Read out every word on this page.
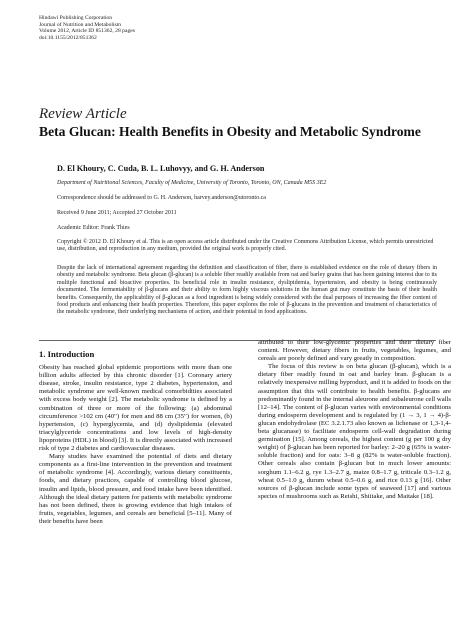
Hindawi Publishing Corporation
Journal of Nutrition and Metabolism
Volume 2012, Article ID 851362, 28 pages
doi:10.1155/2012/851362
Review Article
Beta Glucan: Health Benefits in Obesity and Metabolic Syndrome
D. El Khoury, C. Cuda, B. L. Luhovyy, and G. H. Anderson
Department of Nutritional Sciences, Faculty of Medicine, University of Toronto, Toronto, ON, Canada M5S 3E2
Correspondence should be addressed to G. H. Anderson, harvey.anderson@utoronto.ca
Received 9 June 2011; Accepted 27 October 2011
Academic Editor: Frank Thies
Copyright © 2012 D. El Khoury et al. This is an open access article distributed under the Creative Commons Attribution License, which permits unrestricted use, distribution, and reproduction in any medium, provided the original work is properly cited.
Despite the lack of international agreement regarding the definition and classification of fiber, there is established evidence on the role of dietary fibers in obesity and metabolic syndrome. Beta glucan (β-glucan) is a soluble fiber readily available from oat and barley grains that has been gaining interest due to its multiple functional and bioactive properties. Its beneficial role in insulin resistance, dyslipidemia, hypertension, and obesity is being continuously documented. The fermentability of β-glucans and their ability to form highly viscous solutions in the human gut may constitute the basis of their health benefits. Consequently, the applicability of β-glucan as a food ingredient is being widely considered with the dual purposes of increasing the fiber content of food products and enhancing their health properties. Therefore, this paper explores the role of β-glucans in the prevention and treatment of characteristics of the metabolic syndrome, their underlying mechanisms of action, and their potential in food applications.
1. Introduction

Obesity has reached global epidemic proportions with more than one billion adults affected by this chronic disorder [1]. Coronary artery disease, stroke, insulin resistance, type 2 diabetes, hypertension, and metabolic syndrome are well-known medical comorbidities associated with excess body weight [2]. The metabolic syndrome is defined by a combination of three or more of the following: (a) abdominal circumference >102 cm (40′′) for men and 88 cm (35′′) for women, (b) hypertension, (c) hyperglycemia, and (d) dyslipidemia (elevated triacylglyceride concentrations and low levels of high-density lipoproteins (HDL) in blood) [3]. It is directly associated with increased risk of type 2 diabetes and cardiovascular diseases.

Many studies have examined the potential of diets and dietary components as a first-line intervention in the prevention and treatment of metabolic syndrome [4]. Accordingly, various dietary constituents, foods, and dietary practices, capable of controlling blood glucose, insulin and lipids, blood pressure, and food intake have been identified. Although the ideal dietary pattern for patients with metabolic syndrome has not been defined, there is growing evidence that high intakes of fruits, vegetables, legumes, and cereals are beneficial [5–11]. Many of their benefits have been

attributed to their low-glycemic properties and their dietary fiber content. However, dietary fibers in fruits, vegetables, legumes, and cereals are poorly defined and vary greatly in composition.

The focus of this review is on beta glucan (β-glucan), which is a dietary fiber readily found in oat and barley bran. β-glucan is a relatively inexpensive milling byproduct, and it is added to foods on the assumption that this will contribute to health benefits. β-glucans are predominantly found in the internal aleurone and subaleurone cell walls [12–14]. The content of β-glucan varies with environmental conditions during endosperm development and is regulated by (1 → 3, 1 → 4)-β-glucan endohydrolase (EC 3.2.1.73 also known as lichenase or 1,3-1,4-beta glucanase) to facilitate endosperm cell-wall degradation during germination [15]. Among cereals, the highest content (g per 100 g dry weight) of β-glucan has been reported for barley: 2–20 g (65% is water-soluble fraction) and for oats: 3–8 g (82% is water-soluble fraction). Other cereals also contain β-glucan but in much lower amounts: sorghum 1.1–6.2 g, rye 1.3–2.7 g, maize 0.8–1.7 g, triticale 0.3–1.2 g, wheat 0.5–1.0 g, durum wheat 0.5–0.6 g, and rice 0.13 g [16]. Other sources of β-glucan include some types of seaweed [17] and various species of mushrooms such as Reishi, Shiitake, and Maitake [18].
